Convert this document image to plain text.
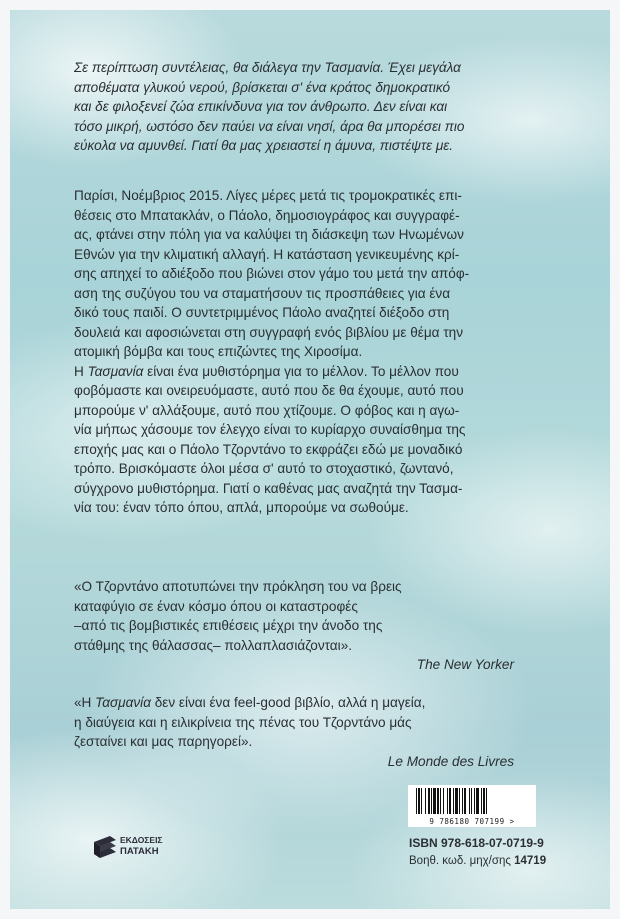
Σε περίπτωση συντέλειας, θα διάλεγα την Τασμανία. Έχει μεγάλα

αποθέματα γλυκού νερού, βρίσκεται σ' ένα κράτος δημοκρατικό

και δε φιλοξενεί ζώα επικίνδυνα για τον άνθρωπο. Δεν είναι και

τόσο μικρή, ωστόσο δεν παύει να είναι νησί, άρα θα μπορέσει πιο

εύκολα να αμυνθεί. Γιατί θα μας χρειαστεί η άμυνα, πιστέψτε με.

Παρίσι, Νοέμβριος 2015. Λίγες μέρες μετά τις τρομοκρατικές επι-

θέσεις στο Μπατακλάν, ο Πάολο, δημοσιογράφος και συγγραφέ-

ας, φτάνει στην πόλη για να καλύψει τη διάσκεψη των Ηνωμένων

Εθνών για την κλιματική αλλαγή. Η κατάσταση γενικευμένης κρί-

σης απηχεί το αδιέξοδο που βιώνει στον γάμο του μετά την απόφ-

αση της συζύγου του να σταματήσουν τις προσπάθειες για ένα

δικό τους παιδί. Ο συντετριμμένος Πάολο αναζητεί διέξοδο στη

δουλειά και αφοσιώνεται στη συγγραφή ενός βιβλίου με θέμα την

ατομική βόμβα και τους επιζώντες της Χιροσίμα.

Η Τασμανία είναι ένα μυθιστόρημα για το μέλλον. Το μέλλον που

φοβόμαστε και ονειρευόμαστε, αυτό που δε θα έχουμε, αυτό που

μπορούμε ν' αλλάξουμε, αυτό που χτίζουμε. Ο φόβος και η αγω-

νία μήπως χάσουμε τον έλεγχο είναι το κυρίαρχο συναίσθημα της

εποχής μας και ο Πάολο Τζορντάνο το εκφράζει εδώ με μοναδικό

τρόπο. Βρισκόμαστε όλοι μέσα σ' αυτό το στοχαστικό, ζωντανό,

σύγχρονο μυθιστόρημα. Γιατί ο καθένας μας αναζητά την Τασμα-

νία του: έναν τόπο όπου, απλά, μπορούμε να σωθούμε.

«Ο Τζορντάνο αποτυπώνει την πρόκληση του να βρεις

καταφύγιο σε έναν κόσμο όπου οι καταστροφές

–από τις βομβιστικές επιθέσεις μέχρι την άνοδο της

στάθμης της θάλασσας– πολλαπλασιάζονται».

The New Yorker

«Η Τασμανία δεν είναι ένα feel-good βιβλίο, αλλά η μαγεία,

η διαύγεια και η ειλικρίνεια της πένας του Τζορντάνο μάς

ζεσταίνει και μας παρηγορεί».

Le Monde des Livres
ΕΚΔΟΣΕΙΣ
ΠΑΤΑΚΗ
9 786180 707199 >
ISBN 978-618-07-0719-9
Βοηθ. κωδ. μηχ/σης 14719
